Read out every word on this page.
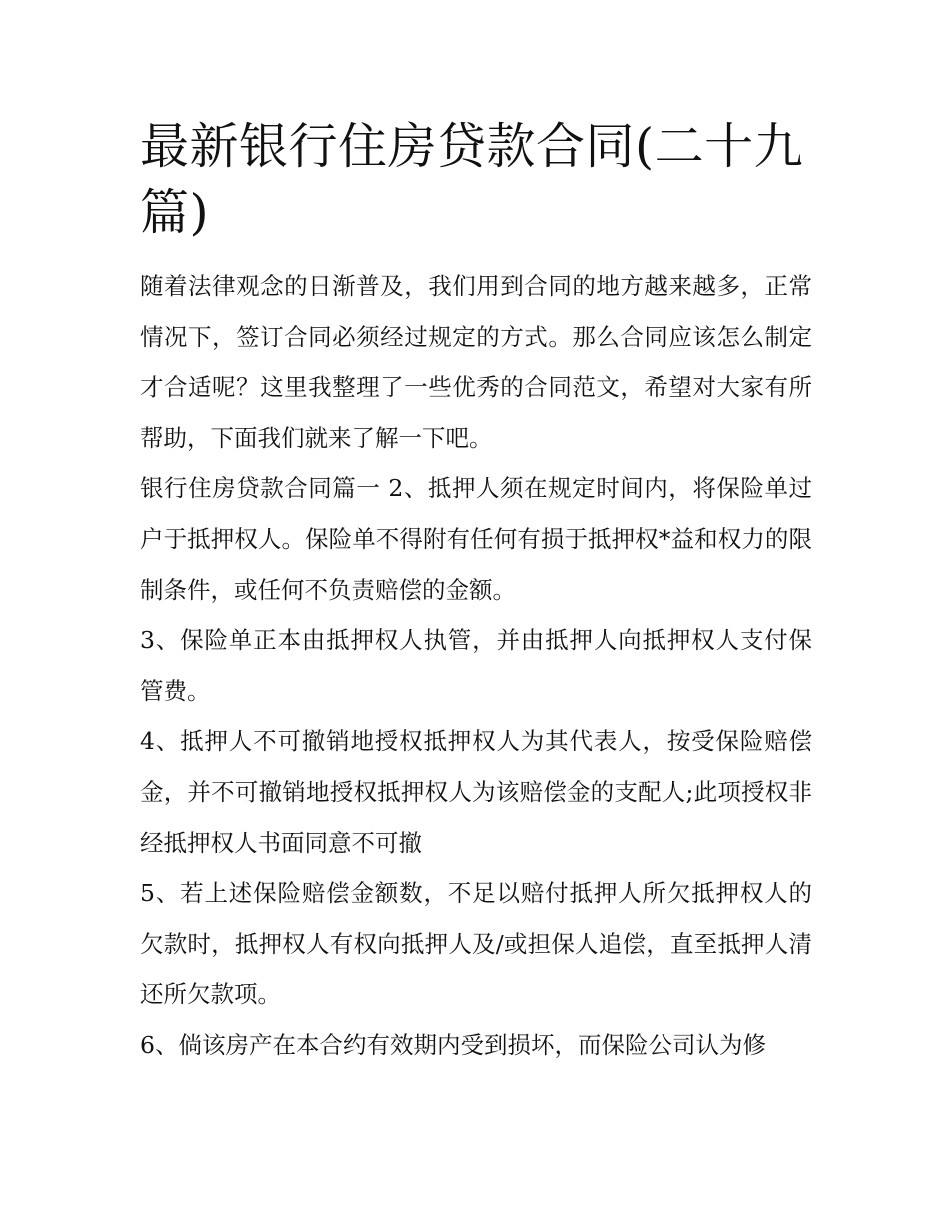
最新银行住房贷款合同(二十九篇)

随着法律观念的日渐普及，我们用到合同的地方越来越多，正常情况下，签订合同必须经过规定的方式。那么合同应该怎么制定才合适呢？这里我整理了一些优秀的合同范文，希望对大家有所帮助，下面我们就来了解一下吧。

银行住房贷款合同篇一 2、抵押人须在规定时间内，将保险单过户于抵押权人。保险单不得附有任何有损于抵押权*益和权力的限制条件，或任何不负责赔偿的金额。

3、保险单正本由抵押权人执管，并由抵押人向抵押权人支付保管费。

4、抵押人不可撤销地授权抵押权人为其代表人，按受保险赔偿金，并不可撤销地授权抵押权人为该赔偿金的支配人;此项授权非经抵押权人书面同意不可撤

5、若上述保险赔偿金额数，不足以赔付抵押人所欠抵押权人的欠款时，抵押权人有权向抵押人及/或担保人追偿，直至抵押人清还所欠款项。

6、倘该房产在本合约有效期内受到损坏，而保险公司认为修
